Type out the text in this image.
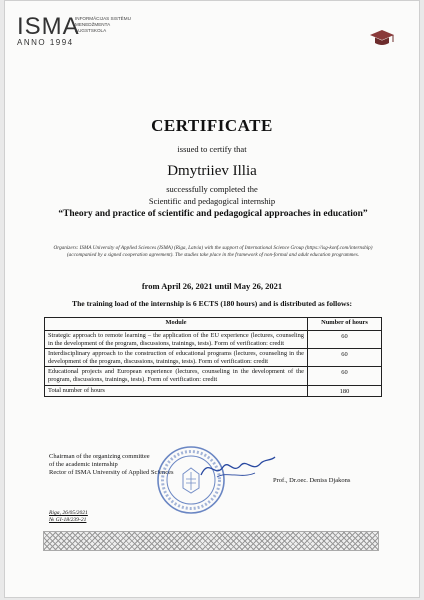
ISMA
ANNO 1994
INFORMĀCIJAS SISTĒMU MENEDŽMENTA AUGSTSKOLA
CERTIFICATE
issued to certify that
Dmytriiev Illia
successfully completed the
Scientific and pedagogical internship
“Theory and practice of scientific and pedagogical approaches in education”
Organizers: ISMA University of Applied Sciences (ISMA) (Riga, Latvia) with the support of International Science Group (https://isg-konf.com/internship) (accompanied by a signed cooperation agreement). The studies take place in the framework of non-formal and adult education programmes.
from April 26, 2021 until May 26, 2021
The training load of the internship is 6 ECTS (180 hours) and is distributed as follows:
Module	Number of hours
Strategic approach to remote learning – the application of the EU experience (lectures, counseling in the development of the program, discussions, trainings, tests). Form of verification: credit	60
Interdisciplinary approach to the construction of educational programs (lectures, counseling in the development of the program, discussions, trainings, tests). Form of verification: credit	60
Educational projects and European experience (lectures, counseling in the development of the program, discussions, trainings, tests). Form of verification: credit	60
Total number of hours	180
Chairman of the organizing committee
of the academic internship
Rector of ISMA University of Applied Sciences
Prof., Dr.oec. Deniss Djakons
Riga, 26/05/2021
№ GI-18/239-21
